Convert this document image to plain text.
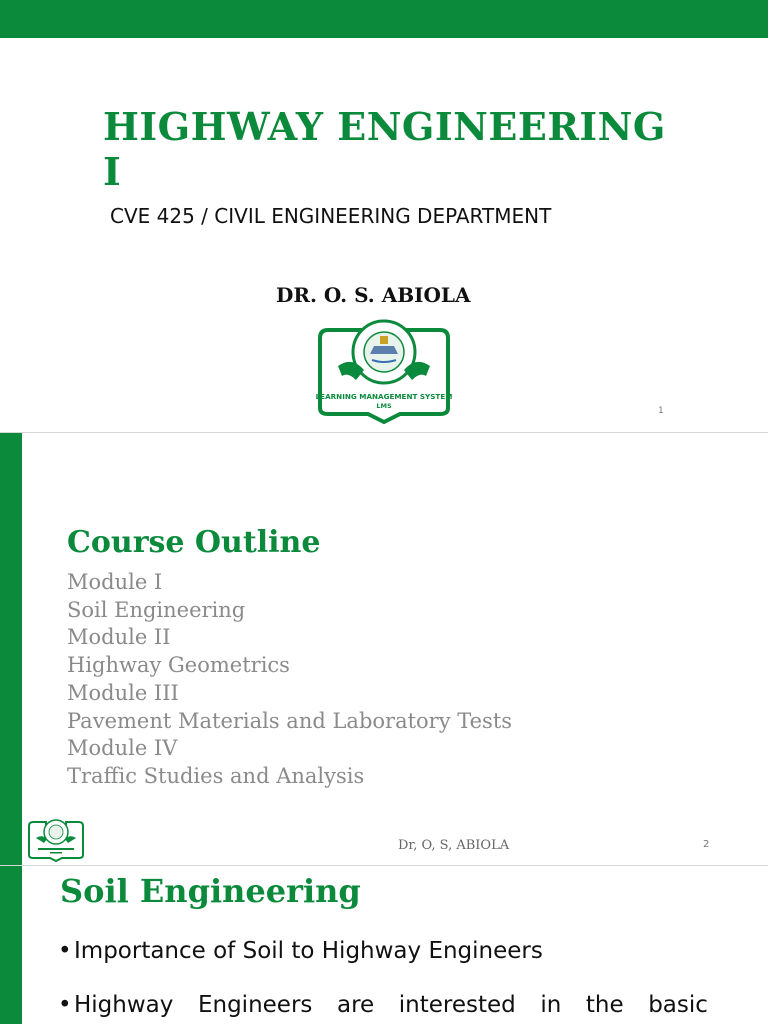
HIGHWAY ENGINEERING I
CVE 425 / CIVIL ENGINEERING DEPARTMENT
DR. O. S. ABIOLA
LEARNING MANAGEMENT SYSTEM
LMS	1
Course Outline
Module I
Soil Engineering
Module II
Highway Geometrics
Module III
Pavement Materials and Laboratory Tests
Module IV
Traffic Studies and Analysis
Dr, O, S, ABIOLA	2
Soil Engineering
• Importance of Soil to Highway Engineers
• Highway Engineers are interested in the basic
